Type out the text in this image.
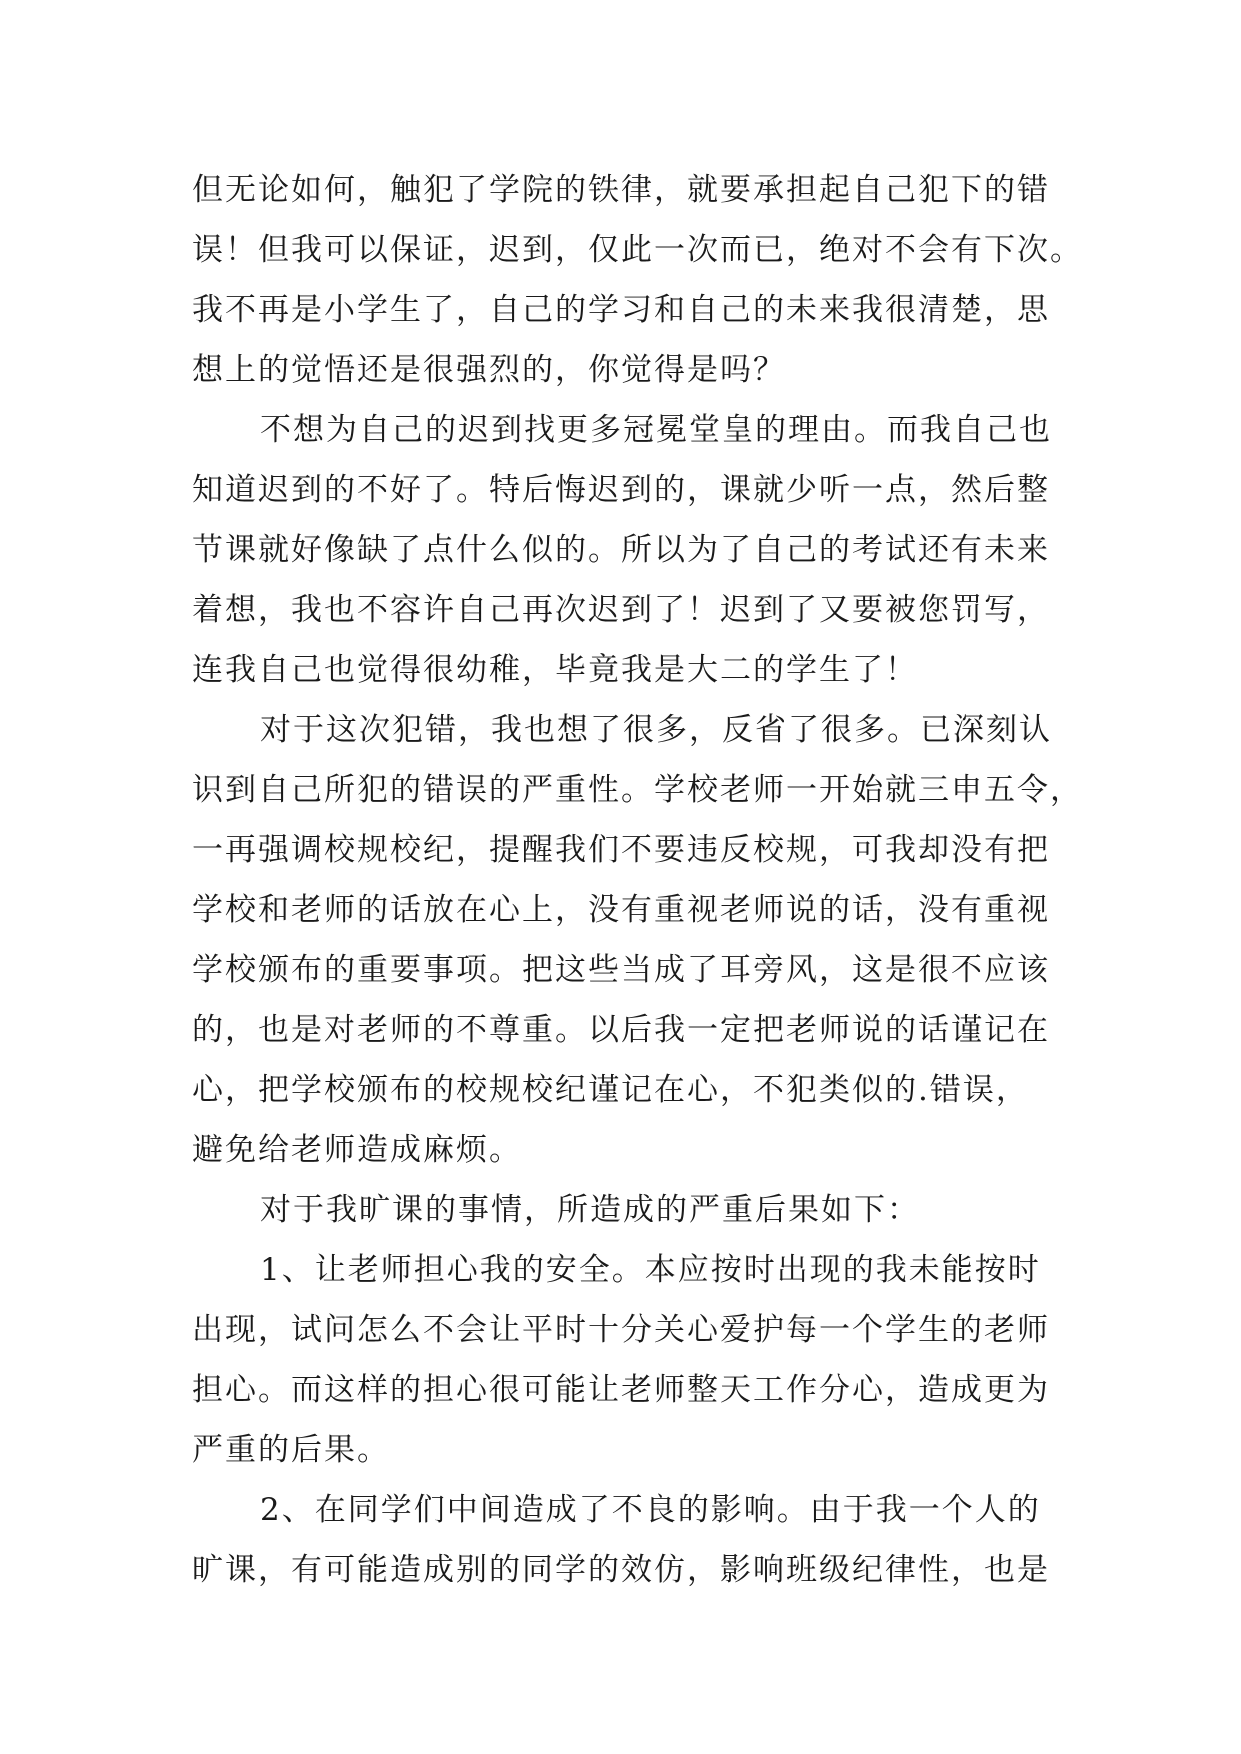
但无论如何，触犯了学院的铁律，就要承担起自己犯下的错
误！但我可以保证，迟到，仅此一次而已，绝对不会有下次。
我不再是小学生了，自己的学习和自己的未来我很清楚，思
想上的觉悟还是很强烈的，你觉得是吗？
不想为自己的迟到找更多冠冕堂皇的理由。而我自己也
知道迟到的不好了。特后悔迟到的，课就少听一点，然后整
节课就好像缺了点什么似的。所以为了自己的考试还有未来
着想，我也不容许自己再次迟到了！迟到了又要被您罚写，
连我自己也觉得很幼稚，毕竟我是大二的学生了！
对于这次犯错，我也想了很多，反省了很多。已深刻认
识到自己所犯的错误的严重性。学校老师一开始就三申五令，
一再强调校规校纪，提醒我们不要违反校规，可我却没有把
学校和老师的话放在心上，没有重视老师说的话，没有重视
学校颁布的重要事项。把这些当成了耳旁风，这是很不应该
的，也是对老师的不尊重。以后我一定把老师说的话谨记在
心，把学校颁布的校规校纪谨记在心，不犯类似的.错误，
避免给老师造成麻烦。
对于我旷课的事情，所造成的严重后果如下：
1、让老师担心我的安全。本应按时出现的我未能按时
出现，试问怎么不会让平时十分关心爱护每一个学生的老师
担心。而这样的担心很可能让老师整天工作分心，造成更为
严重的后果。
2、在同学们中间造成了不良的影响。由于我一个人的
旷课，有可能造成别的同学的效仿，影响班级纪律性，也是
